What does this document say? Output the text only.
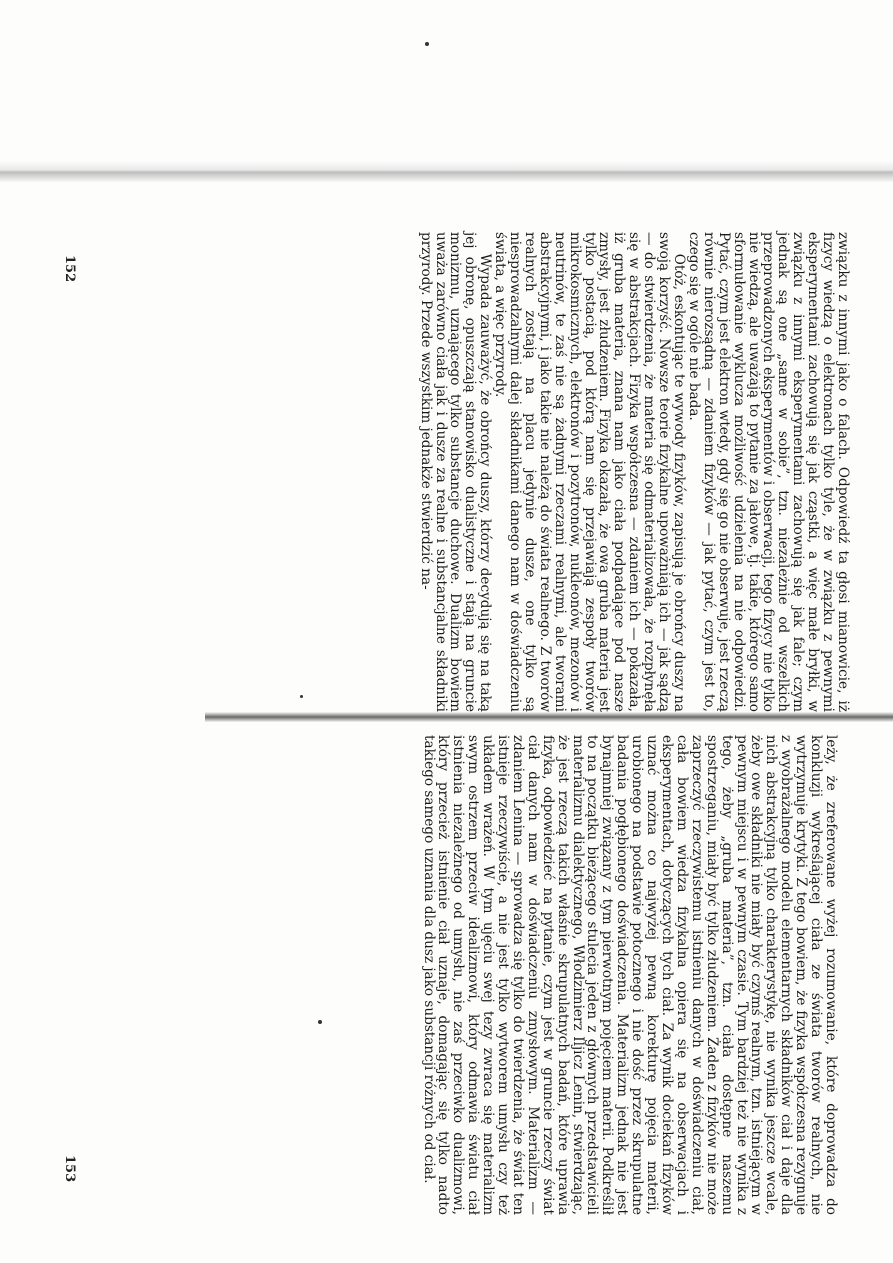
152	związku z innymi jako o falach. Odpowiedź ta głosi mianowicie, iż fizycy wiedzą o elektronach tylko tyle, że w związku z pewnymi eksperymentami zachowują się jak cząstki, a więc małe bryłki, w związku z innymi eksperymentami zachowują się jak fale; czym jednak są one „same w sobie”, tzn. niezależnie od wszelkich przeprowadzonych eksperymentów i obserwacji, tego fizycy nie tylko nie wiedzą, ale uważają to pytanie za jałowe, tj. takie, którego samo sformułowanie wyklucza możliwość udzielenia na nie odpowiedzi. Pytać, czym jest elektron wtedy, gdy się go nie obserwuje, jest rzeczą równie nierozsądną — zdaniem fizyków — jak pytać, czym jest to, czego się w ogóle nie bada.

Otóż, eskontując te wywody fizyków, zapisują je obrońcy duszy na swoją korzyść. Nowsze teorie fizykalne upoważniają ich — jak sądzą — do stwierdzenia, że materia się odmaterializowała, że rozpłynęła się w abstrakcjach. Fizyka współczesna — zdaniem ich — pokazała, iż gruba materia, znana nam jako ciała podpadające pod nasze zmysły, jest złudzeniem. Fizyka okazała, że owa gruba materia jest tylko postacią, pod którą nam się przejawiają zespoły tworów mikrokosmicznych, elektronów i pozytronów, nukleonów, mezonów i neutrinów, te zaś nie są żadnymi rzeczami realnymi, ale tworami abstrakcyjnymi, i jako takie nie należą do świata realnego. Z tworów realnych zostają na placu jedynie dusze, one tylko są niesprowadzalnymi dalej składnikami danego nam w doświadczeniu świata, a więc przyrody.

Wypada zauważyć, że obrońcy duszy, którzy decydują się na taką jej obronę, opuszczają stanowisko dualistyczne i stają na gruncie monizmu, uznającego tylko substancje duchowe. Dualizm bowiem uważa zarówno ciała jak i dusze za realne i substancjalne składniki przyrody. Przede wszystkim jednakże stwierdzić na-

153	leży, że zreferowane wyżej rozumowanie, które doprowadza do konkluzji wykreślającej ciała ze świata tworów realnych, nie wytrzymuje krytyki. Z tego bowiem, że fizyka współczesna rezygnuje z wyobrażalnego modelu elementarnych składników ciał i daje dla nich abstrakcyjną tylko charakterystykę, nie wynika jeszcze wcale, żeby owe składniki nie miały być czymś realnym, tzn. istniejącym w pewnym miejscu i w pewnym czasie. Tym bardziej też nie wynika z tego, żeby „gruba materia”, tzn. ciała dostępne naszemu spostrzeganiu, miały być tylko złudzeniem. Żaden z fizyków nie może zaprzeczyć rzeczywistemu istnieniu danych w doświadczeniu ciał, cała bowiem wiedza fizykalna opiera się na obserwacjach i eksperymentach, dotyczących tych ciał. Za wynik dociekań fizyków uznać można co najwyżej pewną korekturę pojęcia materii, urobionego na podstawie potocznego i nie dość przez skrupulatne badania pogłębionego doświadczenia. Materializm jednak nie jest bynajmniej związany z tym pierwotnym pojęciem materii. Podkreślił to na początku bieżącego stulecia jeden z głównych przedstawicieli materializmu dialektycznego, Włodzimierz Iljicz Lenin, stwierdzając, że jest rzeczą takich właśnie skrupulatnych badań, które uprawia fizyka, odpowiedzieć na pytanie, czym jest w gruncie rzeczy świat ciał danych nam w doświadczeniu zmysłowym. Materializm — zdaniem Lenina — sprowadza się tylko do twierdzenia, że świat ten istnieje rzeczywiście, a nie jest tylko wytworem umysłu czy też układem wrażeń. W tym ujęciu swej tezy zwraca się materializm swym ostrzem przeciw idealizmowi, który odmawia światu ciał istnienia niezależnego od umysłu, nie zaś przeciwko dualizmowi, który przecież istnienie ciał uznaje, domagając się tylko nadto takiego samego uznania dla dusz jako substancji różnych od ciał.
